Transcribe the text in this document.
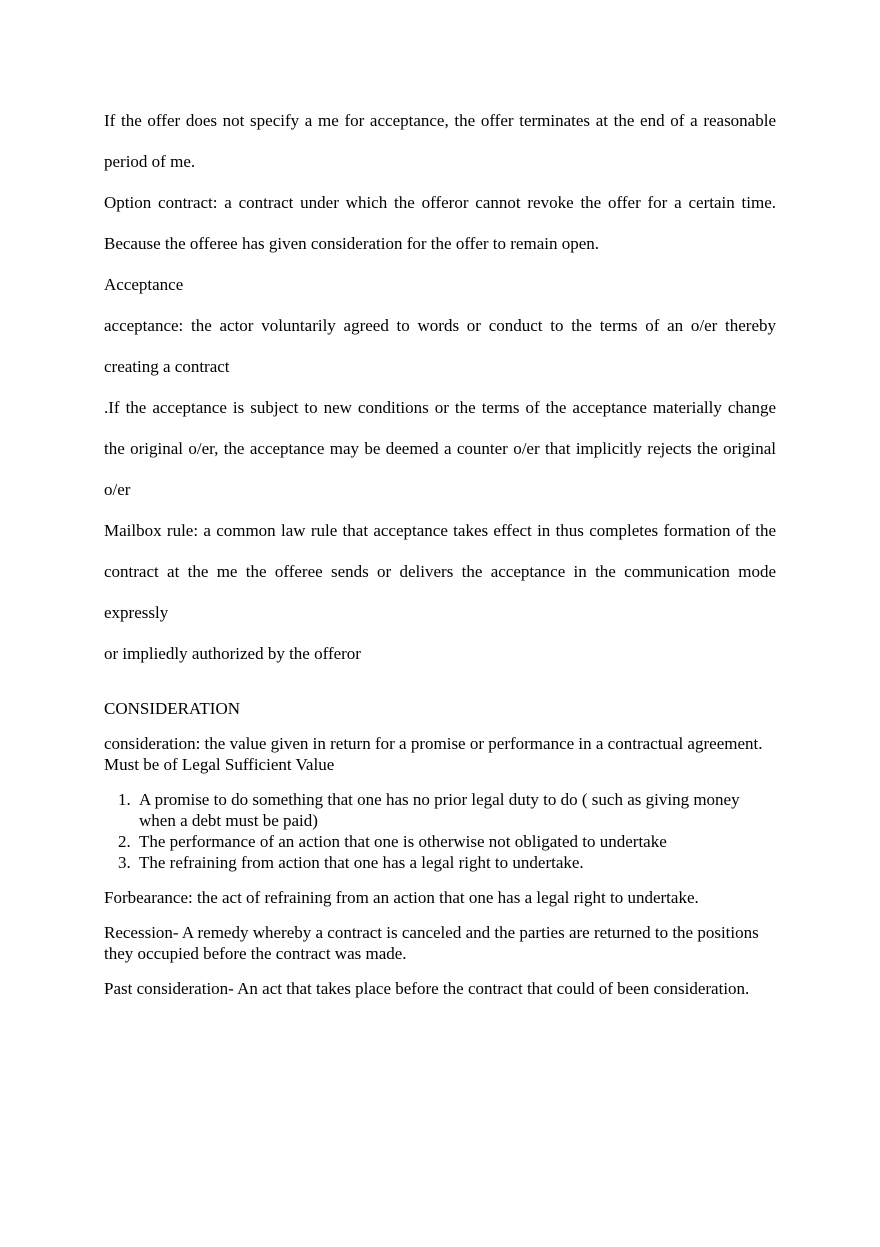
If the offer does not specify a me for acceptance, the offer terminates at the end of a reasonable
period of me.
Option contract: a contract under which the offeror cannot revoke the offer for a certain time.
Because the offeree has given consideration for the offer to remain open.
Acceptance
acceptance: the actor voluntarily agreed to words or conduct to the terms of an o/er thereby
creating a contract
.If the acceptance is subject to new conditions or the terms of the acceptance materially change
the original o/er, the acceptance may be deemed a counter o/er that implicitly rejects the original
o/er
Mailbox rule: a common law rule that acceptance takes effect in thus completes formation of the
contract at the me the offeree sends or delivers the acceptance in the communication mode
expressly
or impliedly authorized by the offeror
CONSIDERATION
consideration: the value given in return for a promise or performance in a contractual agreement.
Must be of Legal Sufficient Value
1. A promise to do something that one has no prior legal duty to do ( such as giving money
when a debt must be paid)
2. The performance of an action that one is otherwise not obligated to undertake
3. The refraining from action that one has a legal right to undertake.
Forbearance: the act of refraining from an action that one has a legal right to undertake.
Recession- A remedy whereby a contract is canceled and the parties are returned to the positions
they occupied before the contract was made.
Past consideration- An act that takes place before the contract that could of been consideration.
